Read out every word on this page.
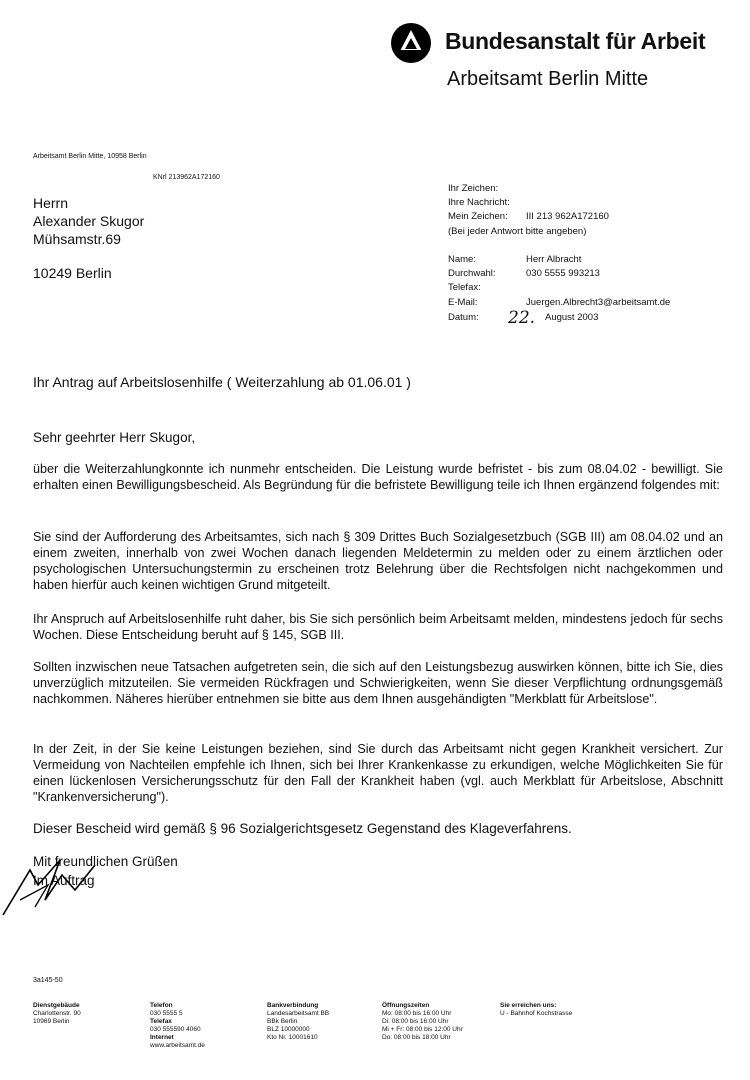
Bundesanstalt für Arbeit
Arbeitsamt Berlin Mitte
Arbeitsamt Berlin Mitte, 10958 Berlin
KNrl 213962A172160
Herrn
Alexander Skugor
Mühsamstr.69
10249 Berlin
Ihr Zeichen:
Ihre Nachricht:
Mein Zeichen: III 213 962A172160
(Bei jeder Antwort bitte angeben)
Name:	Herr Albracht
Durchwahl:	030 5555 993213
Telefax:
E-Mail:	Juergen.Albrecht3@arbeitsamt.de
Datum: 22. August 2003
Ihr Antrag auf Arbeitslosenhilfe ( Weiterzahlung ab 01.06.01 )
Sehr geehrter Herr Skugor,

über die Weiterzahlungkonnte ich nunmehr entscheiden. Die Leistung wurde befristet - bis zum 08.04.02 - bewilligt. Sie erhalten einen Bewilligungsbescheid. Als Begründung für die befristete Bewilligung teile ich Ihnen ergänzend folgendes mit:

Sie sind der Aufforderung des Arbeitsamtes, sich nach § 309 Drittes Buch Sozialgesetzbuch (SGB III) am 08.04.02 und an einem zweiten, innerhalb von zwei Wochen danach liegenden Meldetermin zu melden oder zu einem ärztlichen oder psychologischen Untersuchungstermin zu erscheinen trotz Belehrung über die Rechtsfolgen nicht nachgekommen und haben hierfür auch keinen wichtigen Grund mitgeteilt.

Ihr Anspruch auf Arbeitslosenhilfe ruht daher, bis Sie sich persönlich beim Arbeitsamt melden, mindestens jedoch für sechs Wochen. Diese Entscheidung beruht auf § 145, SGB III.

Sollten inzwischen neue Tatsachen aufgetreten sein, die sich auf den Leistungsbezug auswirken können, bitte ich Sie, dies unverzüglich mitzuteilen. Sie vermeiden Rückfragen und Schwierigkeiten, wenn Sie dieser Verpflichtung ordnungsgemäß nachkommen. Näheres hierüber entnehmen sie bitte aus dem Ihnen ausgehändigten "Merkblatt für Arbeitslose".

In der Zeit, in der Sie keine Leistungen beziehen, sind Sie durch das Arbeitsamt nicht gegen Krankheit versichert. Zur Vermeidung von Nachteilen empfehle ich Ihnen, sich bei Ihrer Krankenkasse zu erkundigen, welche Möglichkeiten Sie für einen lückenlosen Versicherungsschutz für den Fall der Krankheit haben (vgl. auch Merkblatt für Arbeitslose, Abschnitt "Krankenversicherung").

Dieser Bescheid wird gemäß § 96 Sozialgerichtsgesetz Gegenstand des Klageverfahrens.
Mit freundlichen Grüßen
Im Auftrag
3a145-50
Dienstgebäude
Charlottenstr. 90
10969 Berlin
Telefon
030 5555 5
Telefax
030 555590 4060
Internet
www.arbeitsamt.de
Bankverbindung
Landesarbeitsamt BB
BBk Berlin
BLZ 10000000
Kto Nr. 10001610
Öffnungszeiten
Mo: 08:00 bis 16:00 Uhr
Di: 08:00 bis 16:00 Uhr
Mi + Fr: 08:00 bis 12:00 Uhr
Do: 08:00 bis 18:00 Uhr
Sie erreichen uns:
U - Bahnhof Kochstrasse
